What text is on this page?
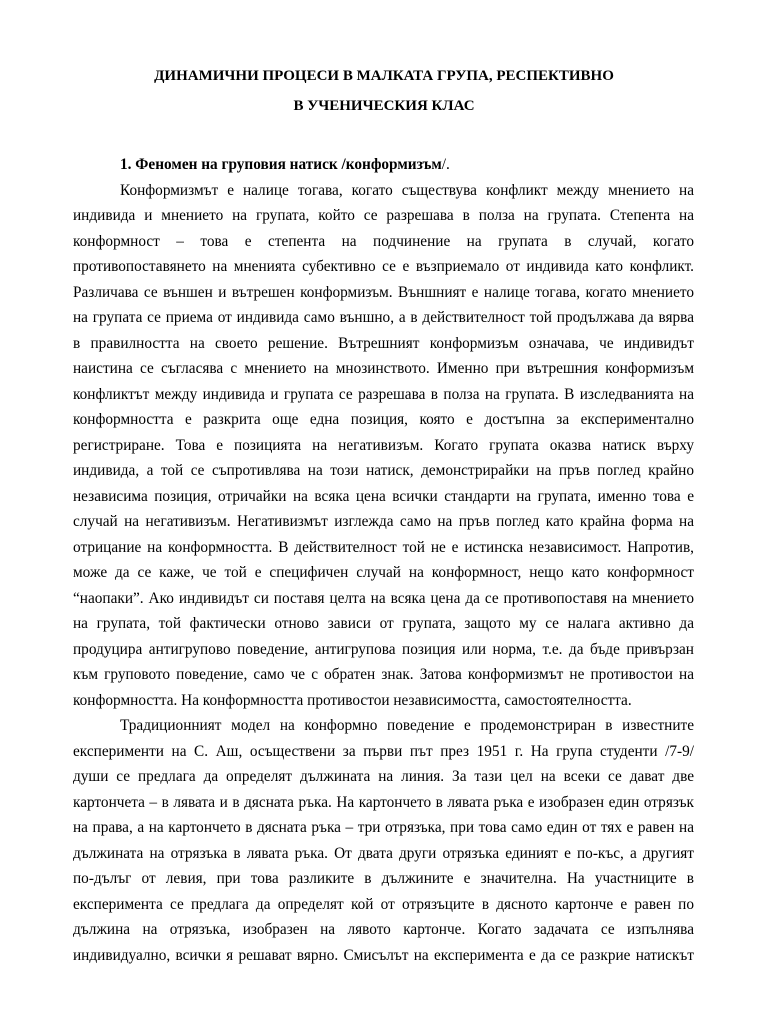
ДИНАМИЧНИ ПРОЦЕСИ В МАЛКАТА ГРУПА, РЕСПЕКТИВНО
В УЧЕНИЧЕСКИЯ КЛАС
1. Феномен на груповия натиск /конформизъм/.
Конформизмът е налице тогава, когато съществува конфликт между мнението на
индивида и мнението на групата, който се разрешава в полза на групата. Степента на
конформност – това е степента на подчинение на групата в случай, когато
противопоставянето на мненията субективно се е възприемало от индивида като конфликт.
Различава се външен и вътрешен конформизъм. Външният е налице тогава, когато мнението
на групата се приема от индивида само външно, а в действителност той продължава да вярва
в правилността на своето решение. Вътрешният конформизъм означава, че индивидът
наистина се съгласява с мнението на мнозинството. Именно при вътрешния конформизъм
конфликтът между индивида и групата се разрешава в полза на групата. В изследванията на
конформността е разкрита още една позиция, която е достъпна за експериментално
регистриране. Това е позицията на негативизъм. Когато групата оказва натиск върху
индивида, а той се съпротивлява на този натиск, демонстрирайки на пръв поглед крайно
независима позиция, отричайки на всяка цена всички стандарти на групата, именно това е
случай на негативизъм. Негативизмът изглежда само на пръв поглед като крайна форма на
отрицание на конформността. В действителност той не е истинска независимост. Напротив,
може да се каже, че той е специфичен случай на конформност, нещо като конформност
“наопаки”. Ако индивидът си поставя целта на всяка цена да се противопоставя на мнението
на групата, той фактически отново зависи от групата, защото му се налага активно да
продуцира антигрупово поведение, антигрупова позиция или норма, т.е. да бъде привързан
към груповото поведение, само че с обратен знак. Затова конформизмът не противостои на
конформността. На конформността противостои независимостта, самостоятелността.
Традиционният модел на конформно поведение е продемонстриран в известните
експерименти на С. Аш, осъществени за първи път през 1951 г. На група студенти /7-9/
души се предлага да определят дължината на линия. За тази цел на всеки се дават две
картончета – в лявата и в дясната ръка. На картончето в лявата ръка е изобразен един отрязък
на права, а на картончето в дясната ръка – три отрязъка, при това само един от тях е равен на
дължината на отрязъка в лявата ръка. От двата други отрязъка единият е по-къс, а другият
по-дълъг от левия, при това разликите в дължините е значителна. На участниците в
експеримента се предлага да определят кой от отрязъците в дясното картонче е равен по
дължина на отрязъка, изобразен на лявото картонче. Когато задачата се изпълнява
индивидуално, всички я решават вярно. Смисълът на експеримента е да се разкрие натискът
